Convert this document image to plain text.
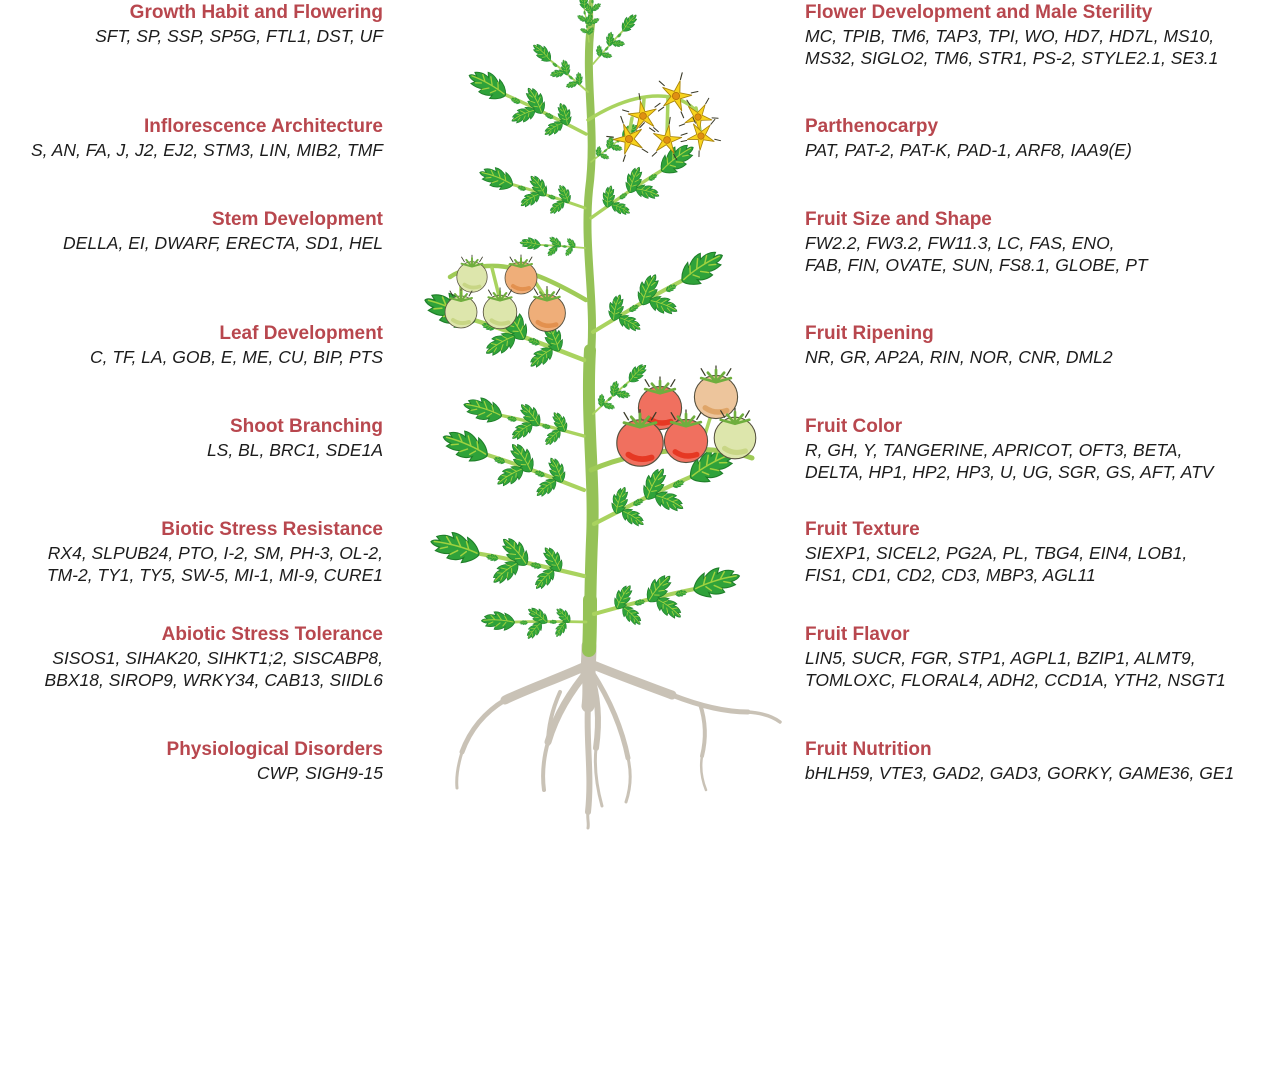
Growth Habit and Flowering
SFT, SP, SSP, SP5G, FTL1, DST, UF
Inflorescence Architecture
S, AN, FA, J, J2, EJ2, STM3, LIN, MIB2, TMF
Stem Development
DELLA, EI, DWARF, ERECTA, SD1, HEL
Leaf Development
C, TF, LA, GOB, E, ME, CU, BIP, PTS
Shoot Branching
LS, BL, BRC1, SDE1A
Biotic Stress Resistance
RX4, SLPUB24, PTO, I-2, SM, PH-3, OL-2,
TM-2, TY1, TY5, SW-5, MI-1, MI-9, CURE1
Abiotic Stress Tolerance
SISOS1, SIHAK20, SIHKT1;2, SISCABP8,
BBX18, SIROP9, WRKY34, CAB13, SIIDL6
Physiological Disorders
CWP, SIGH9-15
Flower Development and Male Sterility
MC, TPIB, TM6, TAP3, TPI, WO, HD7, HD7L, MS10,
MS32, SIGLO2, TM6, STR1, PS-2, STYLE2.1, SE3.1
Parthenocarpy
PAT, PAT-2, PAT-K, PAD-1, ARF8, IAA9(E)
Fruit Size and Shape
FW2.2, FW3.2, FW11.3, LC, FAS, ENO,
FAB, FIN, OVATE, SUN, FS8.1, GLOBE, PT
Fruit Ripening
NR, GR, AP2A, RIN, NOR, CNR, DML2
Fruit Color
R, GH, Y, TANGERINE, APRICOT, OFT3, BETA,
DELTA, HP1, HP2, HP3, U, UG, SGR, GS, AFT, ATV
Fruit Texture
SIEXP1, SICEL2, PG2A, PL, TBG4, EIN4, LOB1,
FIS1, CD1, CD2, CD3, MBP3, AGL11
Fruit Flavor
LIN5, SUCR, FGR, STP1, AGPL1, BZIP1, ALMT9,
TOMLOXC, FLORAL4, ADH2, CCD1A, YTH2, NSGT1
Fruit Nutrition
bHLH59, VTE3, GAD2, GAD3, GORKY, GAME36, GE1
